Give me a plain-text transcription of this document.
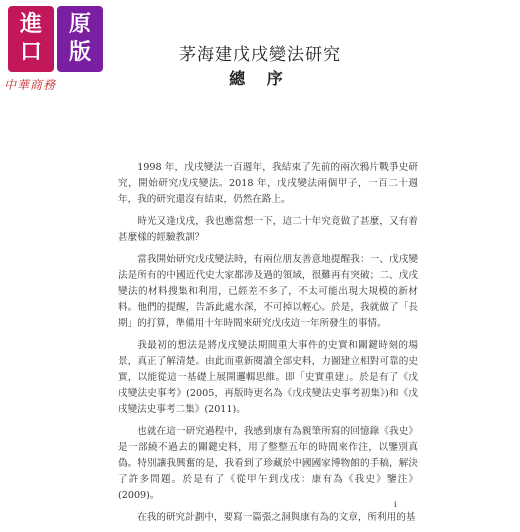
進
口
原
版
中華商務
茅海建戊戌變法研究
總 序

1998 年，戊戌變法一百週年，我結束了先前的兩次鴉片戰爭史研究，開始研究戊戌變法。2018 年，戊戌變法兩個甲子，一百二十週年，我的研究還沒有結束，仍然在路上。

時光又逢戊戌，我也應當想一下，這二十年究竟做了甚麼，又有着甚麼樣的經驗教訓？

當我開始研究戊戌變法時，有兩位朋友善意地提醒我：一、戊戌變法是所有的中國近代史大家都涉及過的領域，很難再有突破；二、戊戌變法的材料搜集和利用，已經差不多了，不太可能出現大規模的新材料。他們的提醒，告訴此處水深，不可掉以輕心。於是，我就做了「長期」的打算，準備用十年時間來研究戊戌這一年所發生的事情。

我最初的想法是將戊戌變法期間重大事件的史實和關鍵時刻的場景，真正了解清楚。由此而重新閱讀全部史料，力圖建立相對可靠的史實，以能從這一基礎上展開邏輯思維。即「史實重建」。於是有了《戊戌變法史事考》(2005，再版時更名為《戊戌變法史事考初集》)和《戊戌變法史事考二集》(2011)。

也就在這一研究過程中，我感到康有為親筆所寫的回憶錄《我史》是一部繞不過去的關鍵史料，用了整整五年的時間來作注，以鑒別真偽。特別讓我興奮的是，我看到了珍藏於中國國家博物館的手稿，解決了許多問題。於是有了《從甲午到戊戌：康有為《我史》鑒注》(2009)。

在我的研究計劃中，要寫一篇張之洞與康有為的文章，所利用的基

i
